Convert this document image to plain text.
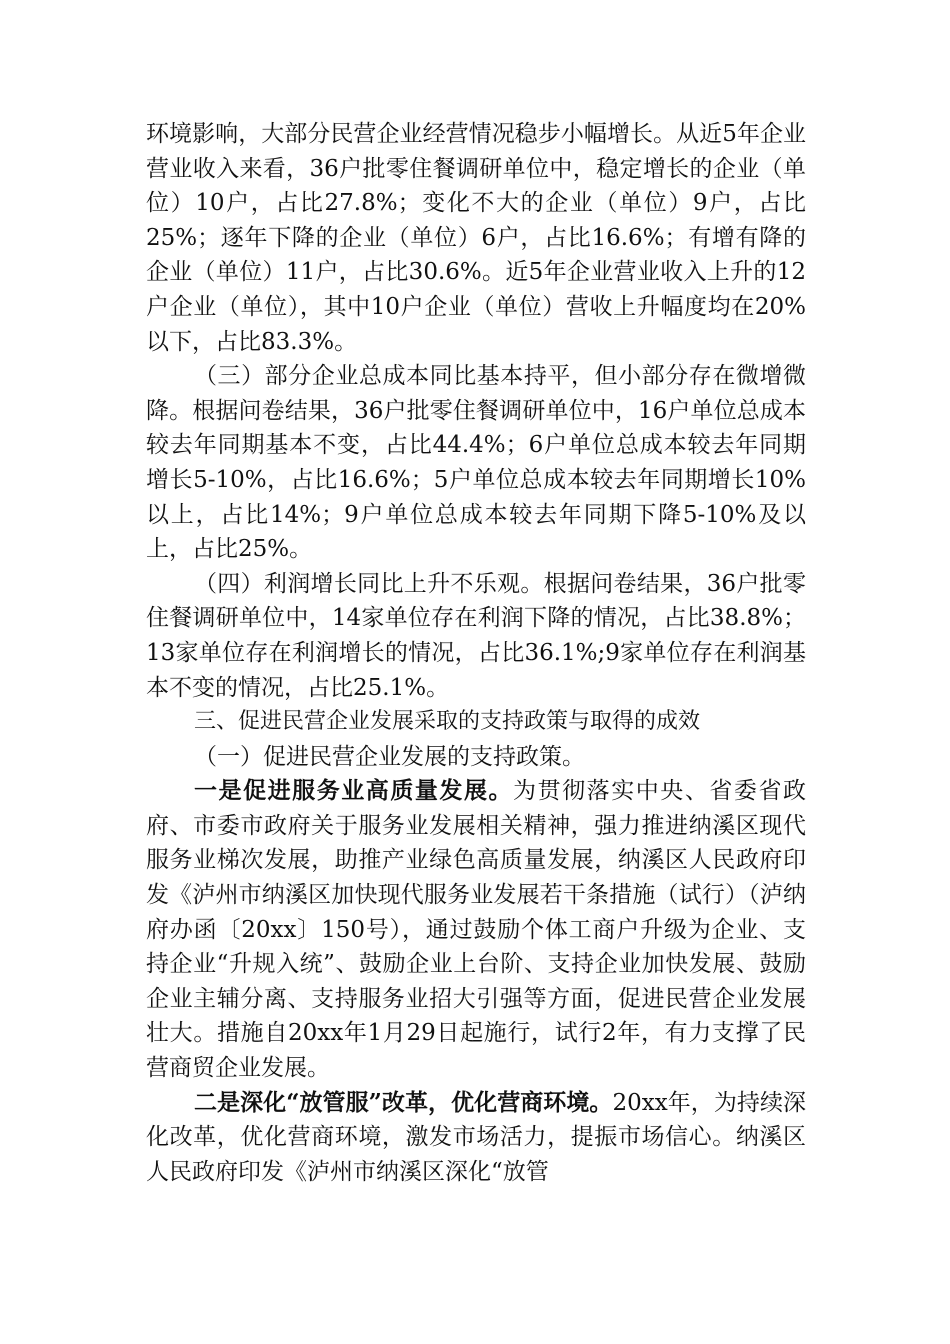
环境影响，大部分民营企业经营情况稳步小幅增长。从近5年企业营业收入来看，36户批零住餐调研单位中，稳定增长的企业（单位）10户，占比27.8%；变化不大的企业（单位）9户，占比25%；逐年下降的企业（单位）6户，占比16.6%；有增有降的企业（单位）11户，占比30.6%。近5年企业营业收入上升的12户企业（单位），其中10户企业（单位）营收上升幅度均在20%以下，占比83.3%。

（三）部分企业总成本同比基本持平，但小部分存在微增微降。根据问卷结果，36户批零住餐调研单位中，16户单位总成本较去年同期基本不变，占比44.4%；6户单位总成本较去年同期增长5-10%，占比16.6%；5户单位总成本较去年同期增长10%以上，占比14%；9户单位总成本较去年同期下降5-10%及以上，占比25%。

（四）利润增长同比上升不乐观。根据问卷结果，36户批零住餐调研单位中，14家单位存在利润下降的情况，占比38.8%；13家单位存在利润增长的情况，占比36.1%;9家单位存在利润基本不变的情况，占比25.1%。

三、促进民营企业发展采取的支持政策与取得的成效

（一）促进民营企业发展的支持政策。

一是促进服务业高质量发展。为贯彻落实中央、省委省政府、市委市政府关于服务业发展相关精神，强力推进纳溪区现代服务业梯次发展，助推产业绿色高质量发展，纳溪区人民政府印发《泸州市纳溪区加快现代服务业发展若干条措施（试行）（泸纳府办函〔20xx〕150号），通过鼓励个体工商户升级为企业、支持企业“升规入统”、鼓励企业上台阶、支持企业加快发展、鼓励企业主辅分离、支持服务业招大引强等方面，促进民营企业发展壮大。措施自20xx年1月29日起施行，试行2年，有力支撑了民营商贸企业发展。

二是深化“放管服”改革，优化营商环境。20xx年，为持续深化改革，优化营商环境，激发市场活力，提振市场信心。纳溪区人民政府印发《泸州市纳溪区深化“放管
